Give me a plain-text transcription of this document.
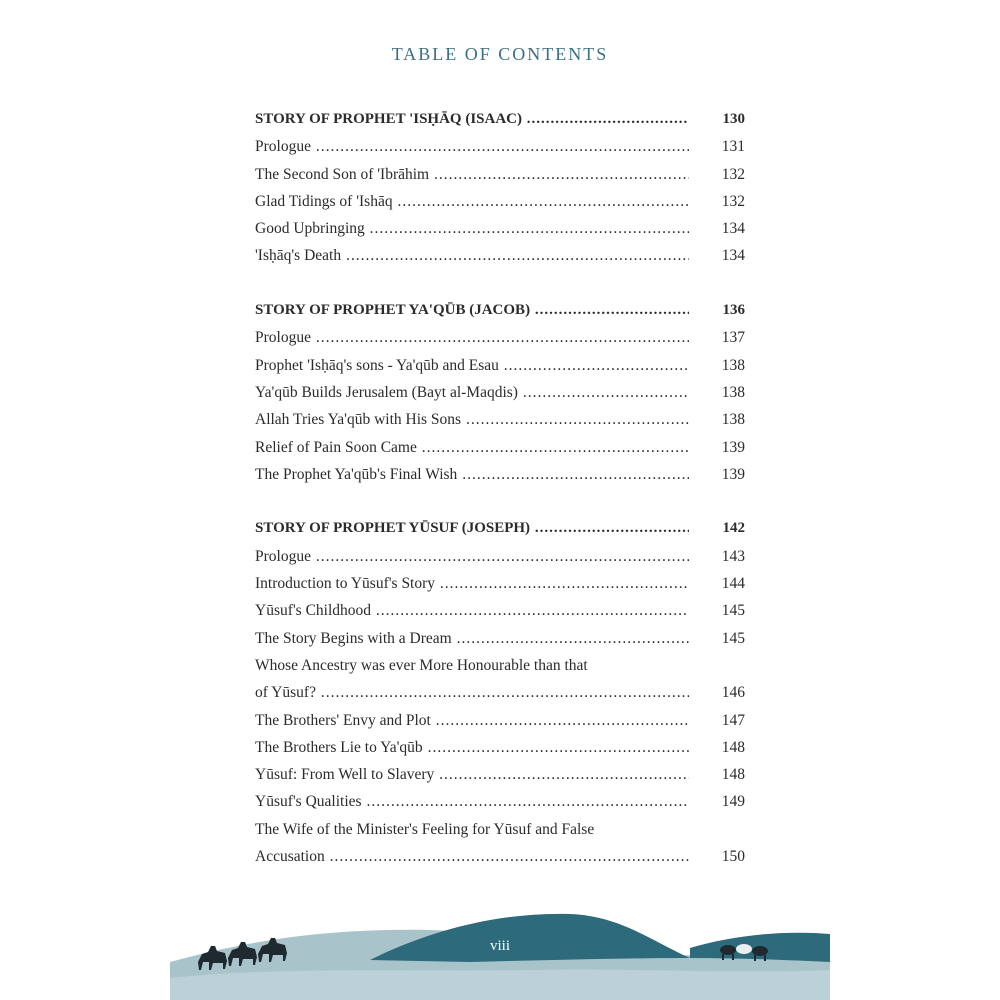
TABLE OF CONTENTS
STORY OF PROPHET 'ISḤĀQ (ISAAC) .....	130
Prologue .....	131
The Second Son of 'Ibrāhim .....	132
Glad Tidings of 'Ishāq .....	132
Good Upbringing .....	134
'Isḥāq's Death .....	134
STORY OF PROPHET YA'QŪB (JACOB) .....	136
Prologue .....	137
Prophet 'Isḥāq's sons - Ya'qūb and Esau .....	138
Ya'qūb Builds Jerusalem (Bayt al-Maqdis) .....	138
Allah Tries Ya'qūb with His Sons .....	138
Relief of Pain Soon Came .....	139
The Prophet Ya'qūb's Final Wish .....	139
STORY OF PROPHET YŪSUF (JOSEPH) .....	142
Prologue .....	143
Introduction to Yūsuf's Story .....	144
Yūsuf's Childhood .....	145
The Story Begins with a Dream .....	145
Whose Ancestry was ever More Honourable than that
of Yūsuf? .....	146
The Brothers' Envy and Plot .....	147
The Brothers Lie to Ya'qūb .....	148
Yūsuf: From Well to Slavery .....	148
Yūsuf's Qualities .....	149
The Wife of the Minister's Feeling for Yūsuf and False
Accusation .....	150
viii
